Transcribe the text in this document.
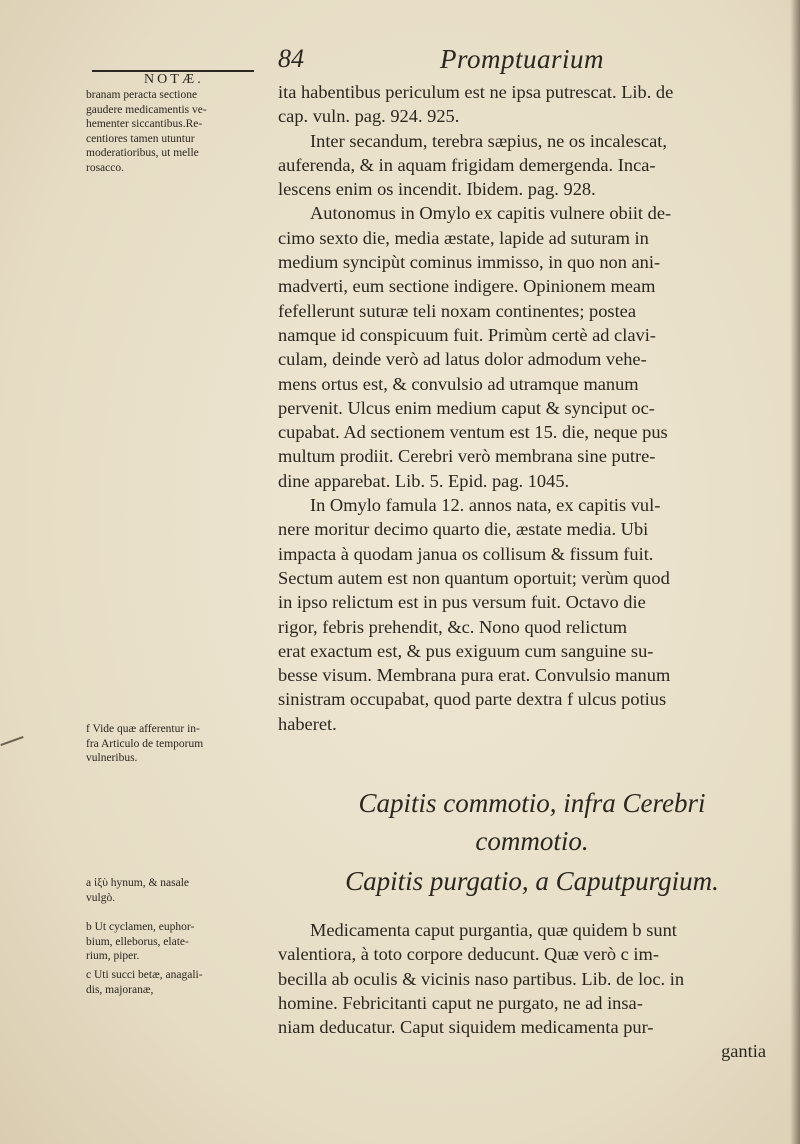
84	Promptuarium
NOTÆ.
branam peracta sectione
gaudere medicamentis ve-
hementer siccantibus.Re-
centiores tamen utuntur
moderatioribus, ut melle
rosacco.
f Vide quæ afferentur in-
fra Articulo de temporum
vulneribus.
a ἰξὺ hynum, & nasale
vulgò.
b Ut cyclamen, euphor-
bium, elleborus, elate-
rium, piper.
c Uti succi betæ, anagali-
dis, majoranæ,
ita habentibus periculum est ne ipsa putrescat. Lib. de
cap. vuln. pag. 924. 925.
Inter secandum, terebra sæpius, ne os incalescat,
auferenda, & in aquam frigidam demergenda. Inca-
lescens enim os incendit. Ibidem. pag. 928.
Autonomus in Omylo ex capitis vulnere obiit de-
cimo sexto die, media æstate, lapide ad suturam in
medium syncipùt cominus immisso, in quo non ani-
madverti, eum sectione indigere. Opinionem meam
fefellerunt suturæ teli noxam continentes; postea
namque id conspicuum fuit. Primùm certè ad clavi-
culam, deinde verò ad latus dolor admodum vehe-
mens ortus est, & convulsio ad utramque manum
pervenit. Ulcus enim medium caput & synciput oc-
cupabat. Ad sectionem ventum est 15. die, neque pus
multum prodiit. Cerebri verò membrana sine putre-
dine apparebat. Lib. 5. Epid. pag. 1045.
In Omylo famula 12. annos nata, ex capitis vul-
nere moritur decimo quarto die, æstate media. Ubi
impacta à quodam janua os collisum & fissum fuit.
Sectum autem est non quantum oportuit; verùm quod
in ipso relictum est in pus versum fuit. Octavo die
rigor, febris prehendit, &c. Nono quod relictum
erat exactum est, & pus exiguum cum sanguine su-
besse visum. Membrana pura erat. Convulsio manum
sinistram occupabat, quod parte dextra f ulcus potius
haberet.
Capitis commotio, infra Cerebri
commotio.
Capitis purgatio, a Caputpurgium.
Medicamenta caput purgantia, quæ quidem b sunt
valentiora, à toto corpore deducunt. Quæ verò c im-
becilla ab oculis & vicinis naso partibus. Lib. de loc. in
homine. Febricitanti caput ne purgato, ne ad insa-
niam deducatur. Caput siquidem medicamenta pur-
gantia
